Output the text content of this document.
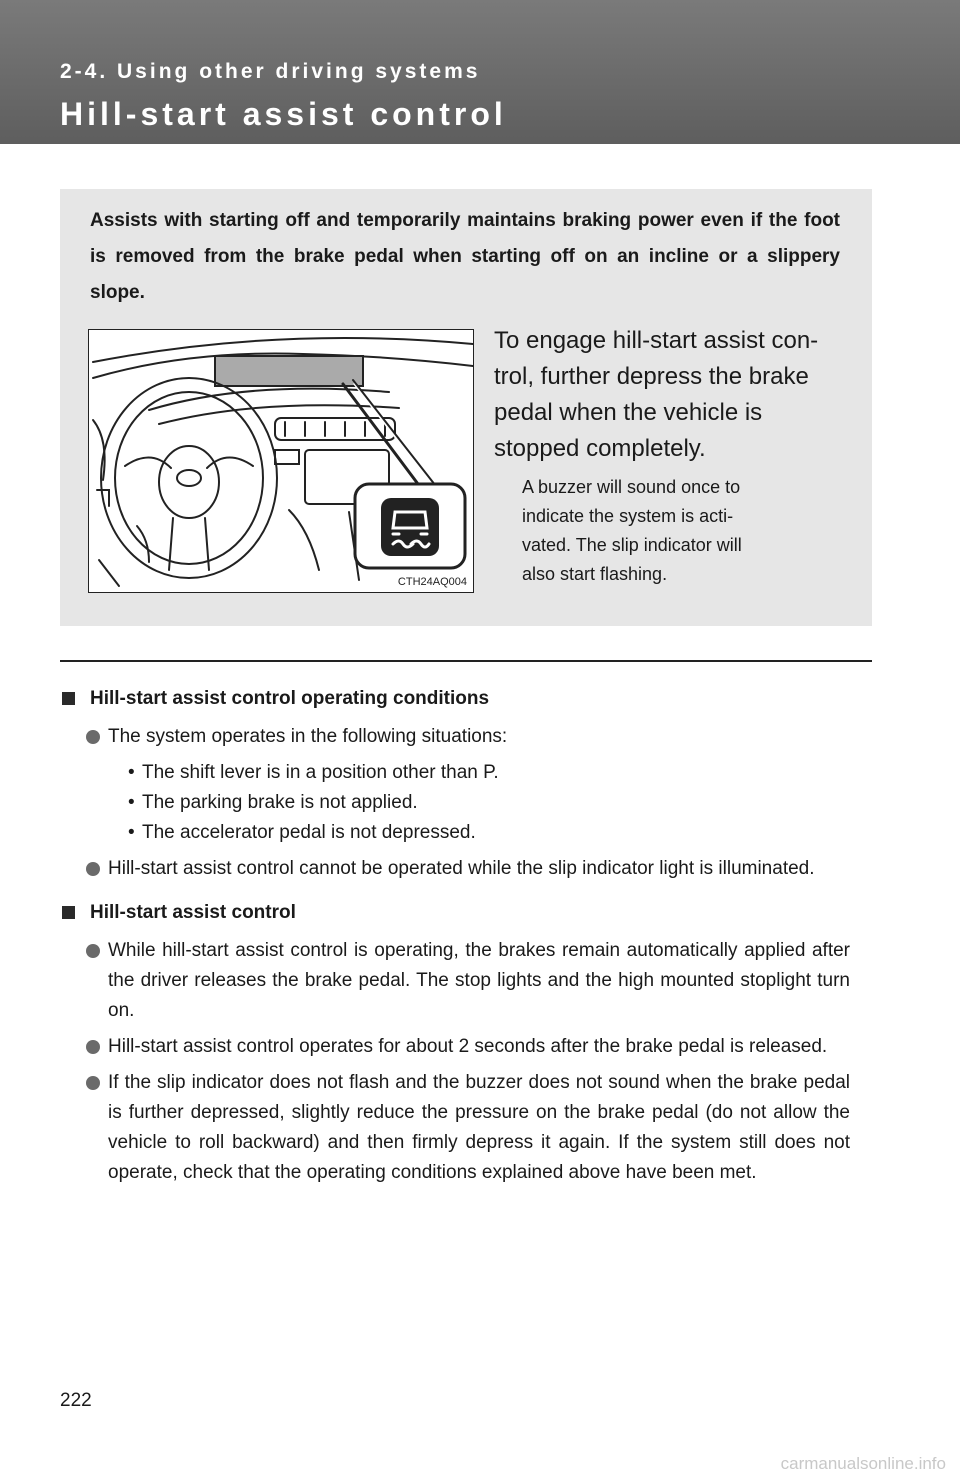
2-4. Using other driving systems
Hill-start assist control
Assists with starting off and temporarily maintains braking power even if the foot is removed from the brake pedal when starting off on an incline or a slippery slope.
CTH24AQ004
To engage hill-start assist con-
trol, further depress the brake
pedal when the vehicle is
stopped completely.
A buzzer will sound once to
indicate the system is acti-
vated. The slip indicator will
also start flashing.
Hill-start assist control operating conditions
The system operates in the following situations:
• The shift lever is in a position other than P.
• The parking brake is not applied.
• The accelerator pedal is not depressed.
Hill-start assist control cannot be operated while the slip indicator light is illuminated.
Hill-start assist control
While hill-start assist control is operating, the brakes remain automatically applied after the driver releases the brake pedal. The stop lights and the high mounted stoplight turn on.
Hill-start assist control operates for about 2 seconds after the brake pedal is released.
If the slip indicator does not flash and the buzzer does not sound when the brake pedal is further depressed, slightly reduce the pressure on the brake pedal (do not allow the vehicle to roll backward) and then firmly depress it again. If the system still does not operate, check that the operating conditions explained above have been met.
222
carmanualsonline.info
